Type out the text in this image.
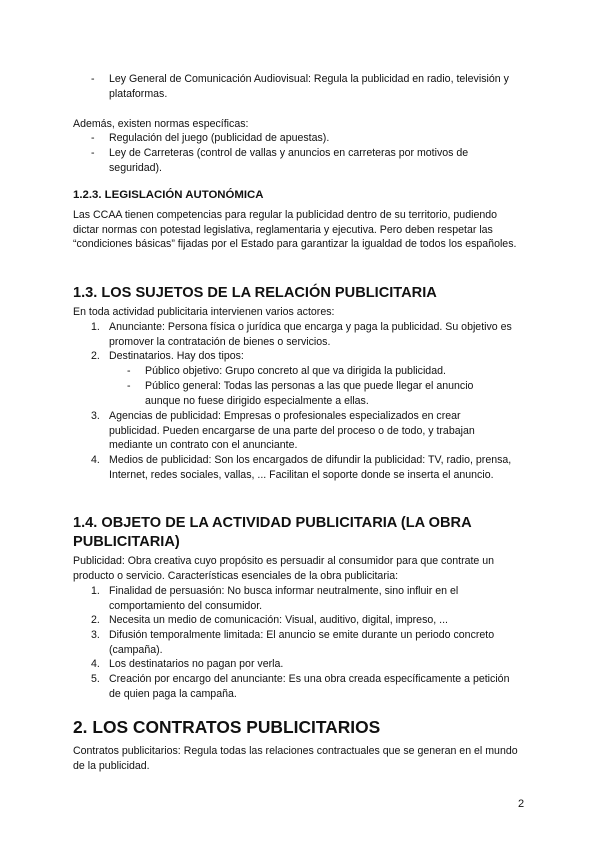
- Ley General de Comunicación Audiovisual: Regula la publicidad en radio, televisión y plataformas.

Además, existen normas específicas:

- Regulación del juego (publicidad de apuestas).

- Ley de Carreteras (control de vallas y anuncios en carreteras por motivos de seguridad).

1.2.3. LEGISLACIÓN AUTONÓMICA

Las CCAA tienen competencias para regular la publicidad dentro de su territorio, pudiendo dictar normas con potestad legislativa, reglamentaria y ejecutiva. Pero deben respetar las “condiciones básicas” fijadas por el Estado para garantizar la igualdad de todos los españoles.

1.3. LOS SUJETOS DE LA RELACIÓN PUBLICITARIA

En toda actividad publicitaria intervienen varios actores:

1. Anunciante: Persona física o jurídica que encarga y paga la publicidad. Su objetivo es promover la contratación de bienes o servicios.

2. Destinatarios. Hay dos tipos:

- Público objetivo: Grupo concreto al que va dirigida la publicidad.

- Público general: Todas las personas a las que puede llegar el anuncio aunque no fuese dirigido especialmente a ellas.

3. Agencias de publicidad: Empresas o profesionales especializados en crear publicidad. Pueden encargarse de una parte del proceso o de todo, y trabajan mediante un contrato con el anunciante.

4. Medios de publicidad: Son los encargados de difundir la publicidad: TV, radio, prensa, Internet, redes sociales, vallas, ... Facilitan el soporte donde se inserta el anuncio.

1.4. OBJETO DE LA ACTIVIDAD PUBLICITARIA (LA OBRA PUBLICITARIA)

Publicidad: Obra creativa cuyo propósito es persuadir al consumidor para que contrate un producto o servicio. Características esenciales de la obra publicitaria:

1. Finalidad de persuasión: No busca informar neutralmente, sino influir en el comportamiento del consumidor.

2. Necesita un medio de comunicación: Visual, auditivo, digital, impreso, ...

3. Difusión temporalmente limitada: El anuncio se emite durante un periodo concreto (campaña).

4. Los destinatarios no pagan por verla.

5. Creación por encargo del anunciante: Es una obra creada específicamente a petición de quien paga la campaña.

2. LOS CONTRATOS PUBLICITARIOS

Contratos publicitarios: Regula todas las relaciones contractuales que se generan en el mundo de la publicidad.

2
